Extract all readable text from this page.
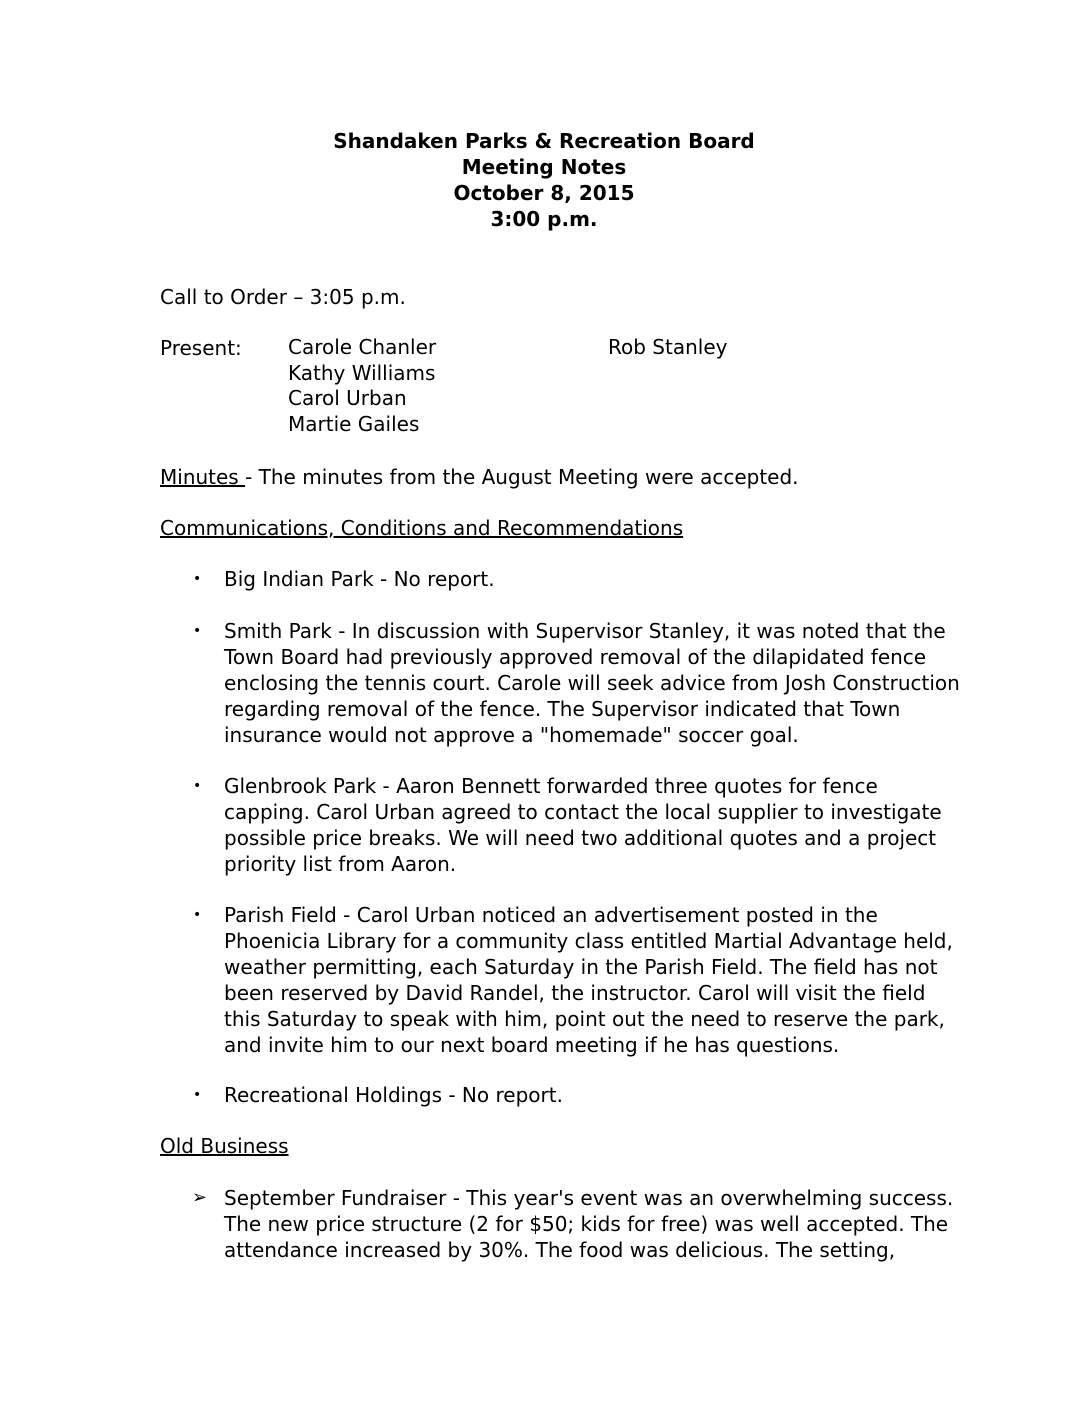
Shandaken Parks & Recreation Board
Meeting Notes
October 8, 2015
3:00 p.m.
Call to Order – 3:05 p.m.
Present: Carole Chanler
Kathy Williams
Carol Urban
Martie Gailes
Rob Stanley
Minutes - The minutes from the August Meeting were accepted.
Communications, Conditions and Recommendations
• Big Indian Park - No report.
• Smith Park - In discussion with Supervisor Stanley, it was noted that the
Town Board had previously approved removal of the dilapidated fence
enclosing the tennis court. Carole will seek advice from Josh Construction
regarding removal of the fence. The Supervisor indicated that Town
insurance would not approve a "homemade" soccer goal.
• Glenbrook Park - Aaron Bennett forwarded three quotes for fence
capping. Carol Urban agreed to contact the local supplier to investigate
possible price breaks. We will need two additional quotes and a project
priority list from Aaron.
• Parish Field - Carol Urban noticed an advertisement posted in the
Phoenicia Library for a community class entitled Martial Advantage held,
weather permitting, each Saturday in the Parish Field. The field has not
been reserved by David Randel, the instructor. Carol will visit the field
this Saturday to speak with him, point out the need to reserve the park,
and invite him to our next board meeting if he has questions.
• Recreational Holdings - No report.
Old Business
➢ September Fundraiser - This year's event was an overwhelming success.
The new price structure (2 for $50; kids for free) was well accepted. The
attendance increased by 30%. The food was delicious. The setting,
